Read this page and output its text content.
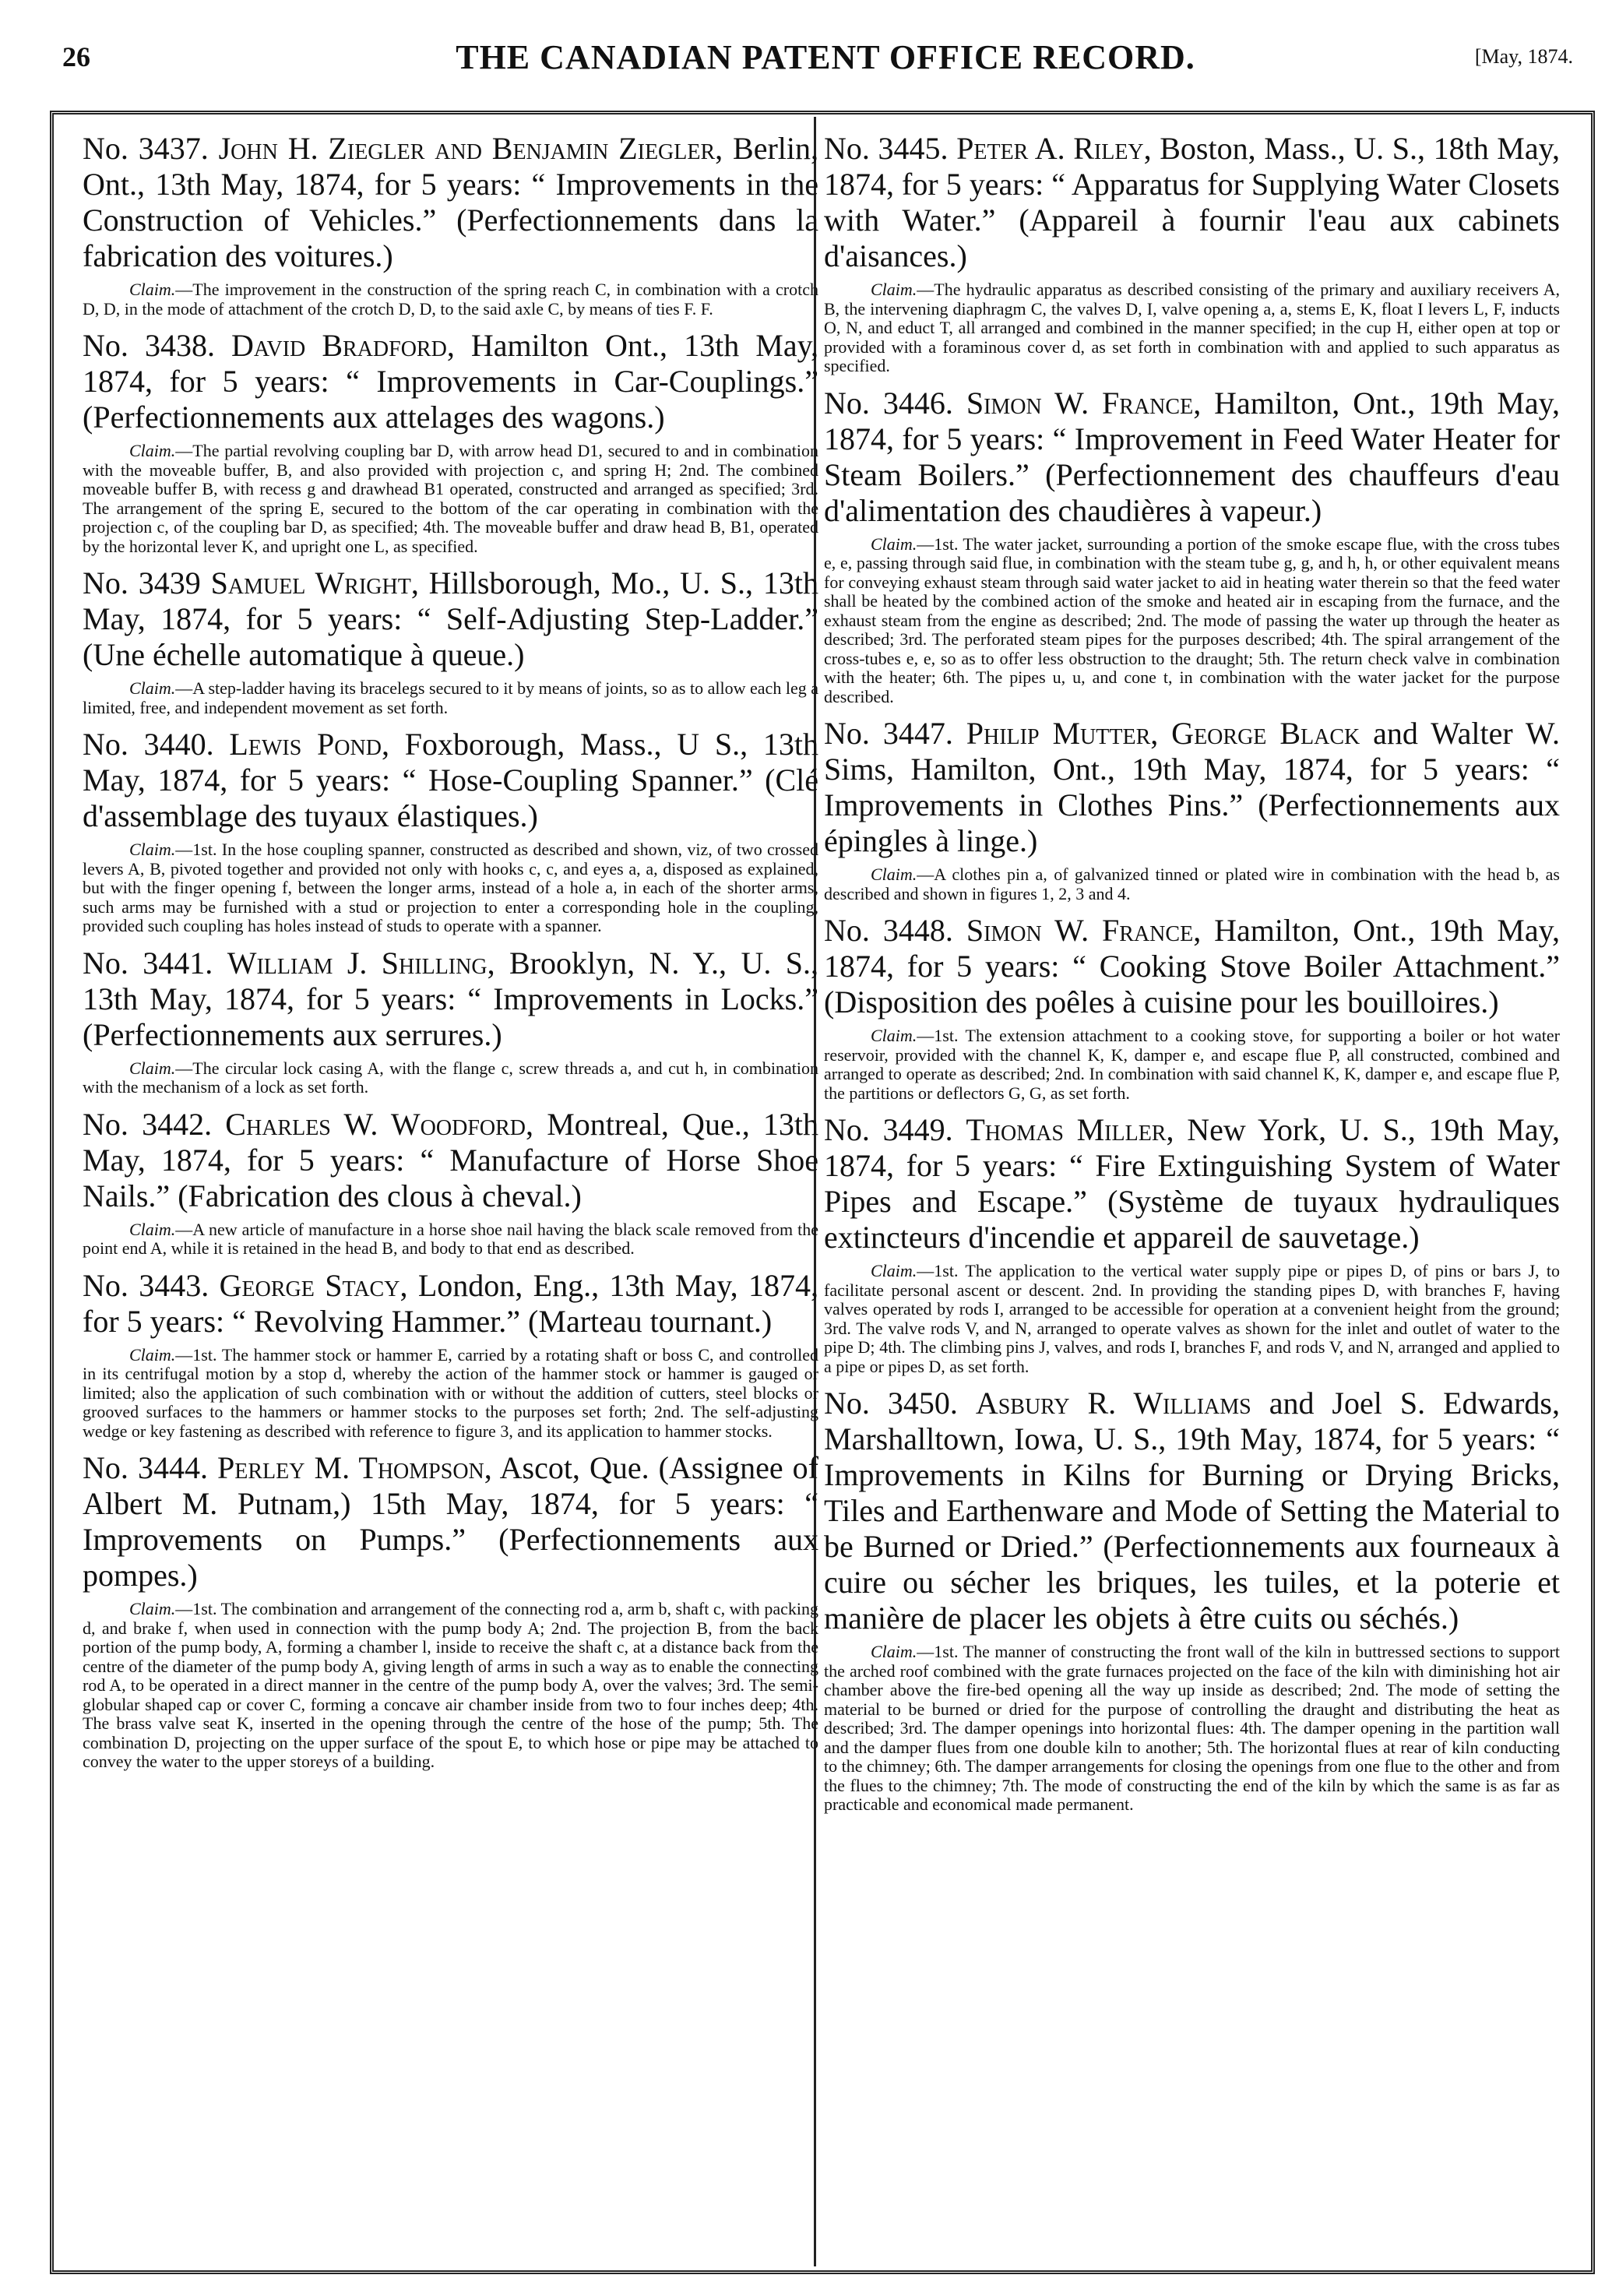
26	THE CANADIAN PATENT OFFICE RECORD.	[May, 1874.

No. 3437. John H. Ziegler and Benjamin Ziegler, Berlin, Ont., 13th May, 1874, for 5 years: “ Improvements in the Construction of Vehicles.” (Perfectionnements dans la fabrication des voitures.)

Claim.—The improvement in the construction of the spring reach C, in combination with a crotch D, D, in the mode of attachment of the crotch D, D, to the said axle C, by means of ties F. F.

No. 3438. David Bradford, Hamilton Ont., 13th May, 1874, for 5 years: “ Improvements in Car-Couplings.” (Perfectionnements aux attelages des wagons.)

Claim.—The partial revolving coupling bar D, with arrow head D1, secured to and in combination with the moveable buffer, B, and also provided with projection c, and spring H; 2nd. The combined moveable buffer B, with recess g and drawhead B1 operated, constructed and arranged as specified; 3rd. The arrangement of the spring E, secured to the bottom of the car operating in combination with the projection c, of the coupling bar D, as specified; 4th. The moveable buffer and draw head B, B1, operated by the horizontal lever K, and upright one L, as specified.

No. 3439 Samuel Wright, Hillsborough, Mo., U. S., 13th May, 1874, for 5 years: “ Self-Adjusting Step-Ladder.” (Une échelle automatique à queue.)

Claim.—A step-ladder having its bracelegs secured to it by means of joints, so as to allow each leg a limited, free, and independent movement as set forth.

No. 3440. Lewis Pond, Foxborough, Mass., U S., 13th May, 1874, for 5 years: “ Hose-Coupling Spanner.” (Clé d'assemblage des tuyaux élastiques.)

Claim.—1st. In the hose coupling spanner, constructed as described and shown, viz, of two crossed levers A, B, pivoted together and provided not only with hooks c, c, and eyes a, a, disposed as explained, but with the finger opening f, between the longer arms, instead of a hole a, in each of the shorter arms, such arms may be furnished with a stud or projection to enter a corresponding hole in the coupling, provided such coupling has holes instead of studs to operate with a spanner.

No. 3441. William J. Shilling, Brooklyn, N. Y., U. S., 13th May, 1874, for 5 years: “ Improvements in Locks.” (Perfectionnements aux serrures.)

Claim.—The circular lock casing A, with the flange c, screw threads a, and cut h, in combination with the mechanism of a lock as set forth.

No. 3442. Charles W. Woodford, Montreal, Que., 13th May, 1874, for 5 years: “ Manufacture of Horse Shoe Nails.” (Fabrication des clous à cheval.)

Claim.—A new article of manufacture in a horse shoe nail having the black scale removed from the point end A, while it is retained in the head B, and body to that end as described.

No. 3443. George Stacy, London, Eng., 13th May, 1874, for 5 years: “ Revolving Hammer.” (Marteau tournant.)

Claim.—1st. The hammer stock or hammer E, carried by a rotating shaft or boss C, and controlled in its centrifugal motion by a stop d, whereby the action of the hammer stock or hammer is gauged or limited; also the application of such combination with or without the addition of cutters, steel blocks or grooved surfaces to the hammers or hammer stocks to the purposes set forth; 2nd. The self-adjusting wedge or key fastening as described with reference to figure 3, and its application to hammer stocks.

No. 3444. Perley M. Thompson, Ascot, Que. (Assignee of Albert M. Putnam,) 15th May, 1874, for 5 years: “ Improvements on Pumps.” (Perfectionnements aux pompes.)

Claim.—1st. The combination and arrangement of the connecting rod a, arm b, shaft c, with packing d, and brake f, when used in connection with the pump body A; 2nd. The projection B, from the back portion of the pump body, A, forming a chamber l, inside to receive the shaft c, at a distance back from the centre of the diameter of the pump body A, giving length of arms in such a way as to enable the connecting rod A, to be operated in a direct manner in the centre of the pump body A, over the valves; 3rd. The semi-globular shaped cap or cover C, forming a concave air chamber inside from two to four inches deep; 4th. The brass valve seat K, inserted in the opening through the centre of the hose of the pump; 5th. The combination D, projecting on the upper surface of the spout E, to which hose or pipe may be attached to convey the water to the upper storeys of a building.

No. 3445. Peter A. Riley, Boston, Mass., U. S., 18th May, 1874, for 5 years: “ Apparatus for Supplying Water Closets with Water.” (Appareil à fournir l'eau aux cabinets d'aisances.)

Claim.—The hydraulic apparatus as described consisting of the primary and auxiliary receivers A, B, the intervening diaphragm C, the valves D, I, valve opening a, a, stems E, K, float I levers L, F, inducts O, N, and educt T, all arranged and combined in the manner specified; in the cup H, either open at top or provided with a foraminous cover d, as set forth in combination with and applied to such apparatus as specified.

No. 3446. Simon W. France, Hamilton, Ont., 19th May, 1874, for 5 years: “ Improvement in Feed Water Heater for Steam Boilers.” (Perfectionnement des chauffeurs d'eau d'alimentation des chaudières à vapeur.)

Claim.—1st. The water jacket, surrounding a portion of the smoke escape flue, with the cross tubes e, e, passing through said flue, in combination with the steam tube g, g, and h, h, or other equivalent means for conveying exhaust steam through said water jacket to aid in heating water therein so that the feed water shall be heated by the combined action of the smoke and heated air in escaping from the furnace, and the exhaust steam from the engine as described; 2nd. The mode of passing the water up through the heater as described; 3rd. The perforated steam pipes for the purposes described; 4th. The spiral arrangement of the cross-tubes e, e, so as to offer less obstruction to the draught; 5th. The return check valve in combination with the heater; 6th. The pipes u, u, and cone t, in combination with the water jacket for the purpose described.

No. 3447. Philip Mutter, George Black and Walter W. Sims, Hamilton, Ont., 19th May, 1874, for 5 years: “ Improvements in Clothes Pins.” (Perfectionnements aux épingles à linge.)

Claim.—A clothes pin a, of galvanized tinned or plated wire in combination with the head b, as described and shown in figures 1, 2, 3 and 4.

No. 3448. Simon W. France, Hamilton, Ont., 19th May, 1874, for 5 years: “ Cooking Stove Boiler Attachment.” (Disposition des poêles à cuisine pour les bouilloires.)

Claim.—1st. The extension attachment to a cooking stove, for supporting a boiler or hot water reservoir, provided with the channel K, K, damper e, and escape flue P, all constructed, combined and arranged to operate as described; 2nd. In combination with said channel K, K, damper e, and escape flue P, the partitions or deflectors G, G, as set forth.

No. 3449. Thomas Miller, New York, U. S., 19th May, 1874, for 5 years: “ Fire Extinguishing System of Water Pipes and Escape.” (Système de tuyaux hydrauliques extincteurs d'incendie et appareil de sauvetage.)

Claim.—1st. The application to the vertical water supply pipe or pipes D, of pins or bars J, to facilitate personal ascent or descent. 2nd. In providing the standing pipes D, with branches F, having valves operated by rods I, arranged to be accessible for operation at a convenient height from the ground; 3rd. The valve rods V, and N, arranged to operate valves as shown for the inlet and outlet of water to the pipe D; 4th. The climbing pins J, valves, and rods I, branches F, and rods V, and N, arranged and applied to a pipe or pipes D, as set forth.

No. 3450. Asbury R. Williams and Joel S. Edwards, Marshalltown, Iowa, U. S., 19th May, 1874, for 5 years: “ Improvements in Kilns for Burning or Drying Bricks, Tiles and Earthenware and Mode of Setting the Material to be Burned or Dried.” (Perfectionnements aux fourneaux à cuire ou sécher les briques, les tuiles, et la poterie et manière de placer les objets à être cuits ou séchés.)

Claim.—1st. The manner of constructing the front wall of the kiln in buttressed sections to support the arched roof combined with the grate furnaces projected on the face of the kiln with diminishing hot air chamber above the fire-bed opening all the way up inside as described; 2nd. The mode of setting the material to be burned or dried for the purpose of controlling the draught and distributing the heat as described; 3rd. The damper openings into horizontal flues: 4th. The damper opening in the partition wall and the damper flues from one double kiln to another; 5th. The horizontal flues at rear of kiln conducting to the chimney; 6th. The damper arrangements for closing the openings from one flue to the other and from the flues to the chimney; 7th. The mode of constructing the end of the kiln by which the same is as far as practicable and economical made permanent.
